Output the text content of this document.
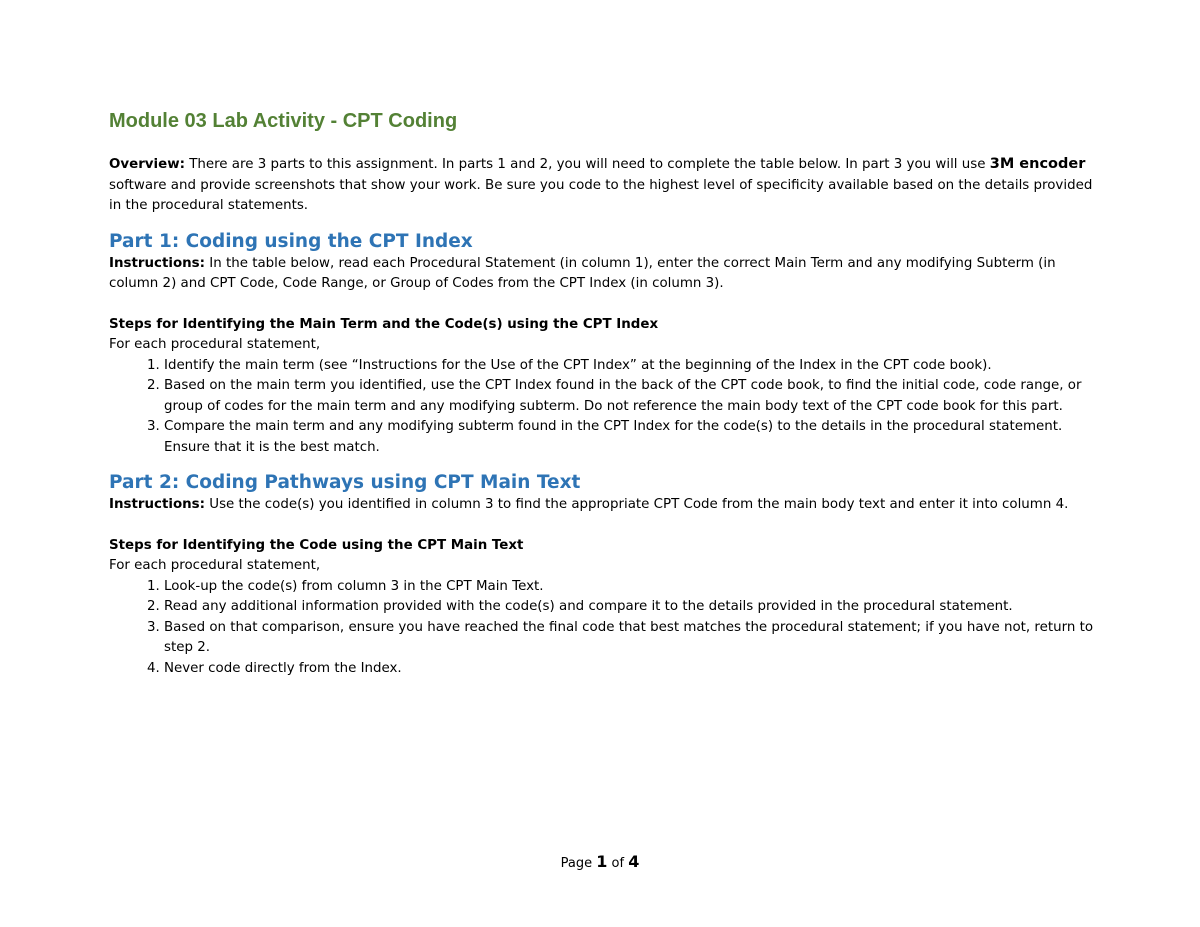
Module 03 Lab Activity - CPT Coding

Overview: There are 3 parts to this assignment. In parts 1 and 2, you will need to complete the table below. In part 3 you will use 3M encoder software and provide screenshots that show your work. Be sure you code to the highest level of specificity available based on the details provided in the procedural statements.

Part 1: Coding using the CPT Index

Instructions: In the table below, read each Procedural Statement (in column 1), enter the correct Main Term and any modifying Subterm (in column 2) and CPT Code, Code Range, or Group of Codes from the CPT Index (in column 3).

Steps for Identifying the Main Term and the Code(s) using the CPT Index

For each procedural statement,

1. Identify the main term (see “Instructions for the Use of the CPT Index” at the beginning of the Index in the CPT code book).
2. Based on the main term you identified, use the CPT Index found in the back of the CPT code book, to find the initial code, code range, or group of codes for the main term and any modifying subterm. Do not reference the main body text of the CPT code book for this part.
3. Compare the main term and any modifying subterm found in the CPT Index for the code(s) to the details in the procedural statement. Ensure that it is the best match.
Part 2: Coding Pathways using CPT Main Text

Instructions: Use the code(s) you identified in column 3 to find the appropriate CPT Code from the main body text and enter it into column 4.

Steps for Identifying the Code using the CPT Main Text

For each procedural statement,

1. Look-up the code(s) from column 3 in the CPT Main Text.
2. Read any additional information provided with the code(s) and compare it to the details provided in the procedural statement.
3. Based on that comparison, ensure you have reached the final code that best matches the procedural statement; if you have not, return to step 2.
4. Never code directly from the Index.
Page 1 of 4
